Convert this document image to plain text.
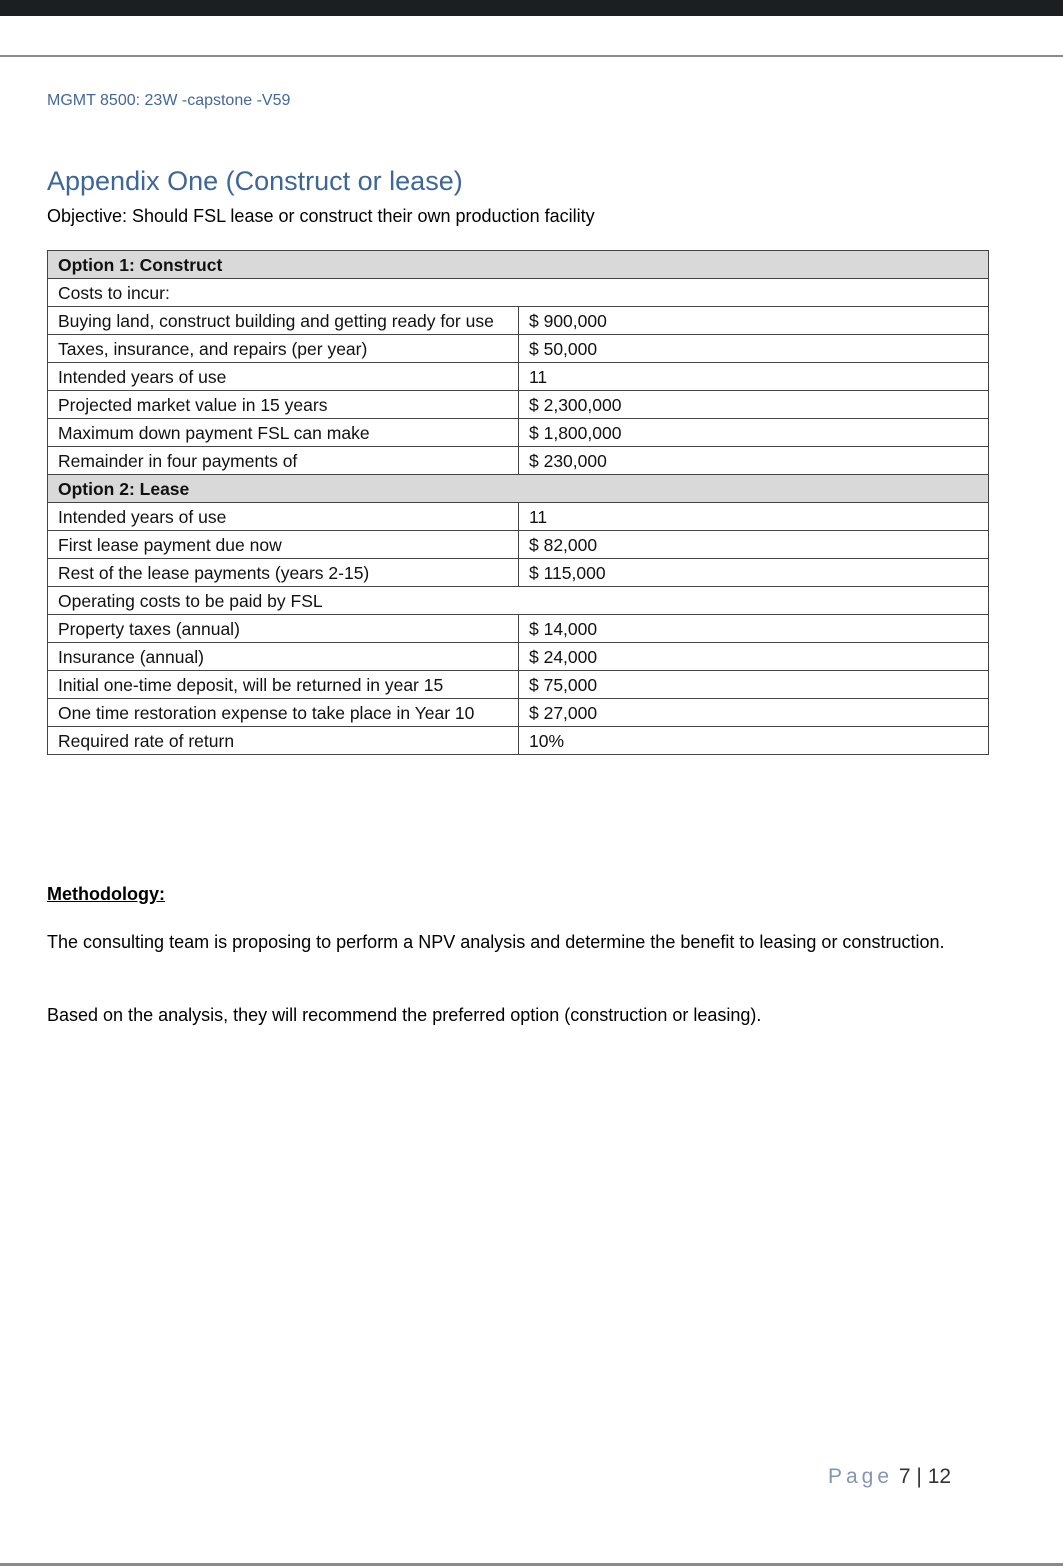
MGMT 8500: 23W -capstone -V59
Appendix One (Construct or lease)
Objective: Should FSL lease or construct their own production facility
Option 1: Construct	
Costs to incur:	
Buying land, construct building and getting ready for use	$ 900,000
Taxes, insurance, and repairs (per year)	$ 50,000
Intended years of use	11
Projected market value in 15 years	$ 2,300,000
Maximum down payment FSL can make	$ 1,800,000
Remainder in four payments of	$ 230,000
Option 2: Lease	
Intended years of use	11
First lease payment due now	$ 82,000
Rest of the lease payments (years 2-15)	$ 115,000
Operating costs to be paid by FSL	
Property taxes (annual)	$ 14,000
Insurance (annual)	$ 24,000
Initial one-time deposit, will be returned in year 15	$ 75,000
One time restoration expense to take place in Year 10	$ 27,000
Required rate of return	10%
Methodology:

The consulting team is proposing to perform a NPV analysis and determine the benefit to leasing or construction.

Based on the analysis, they will recommend the preferred option (construction or leasing).

Page 7 | 12
